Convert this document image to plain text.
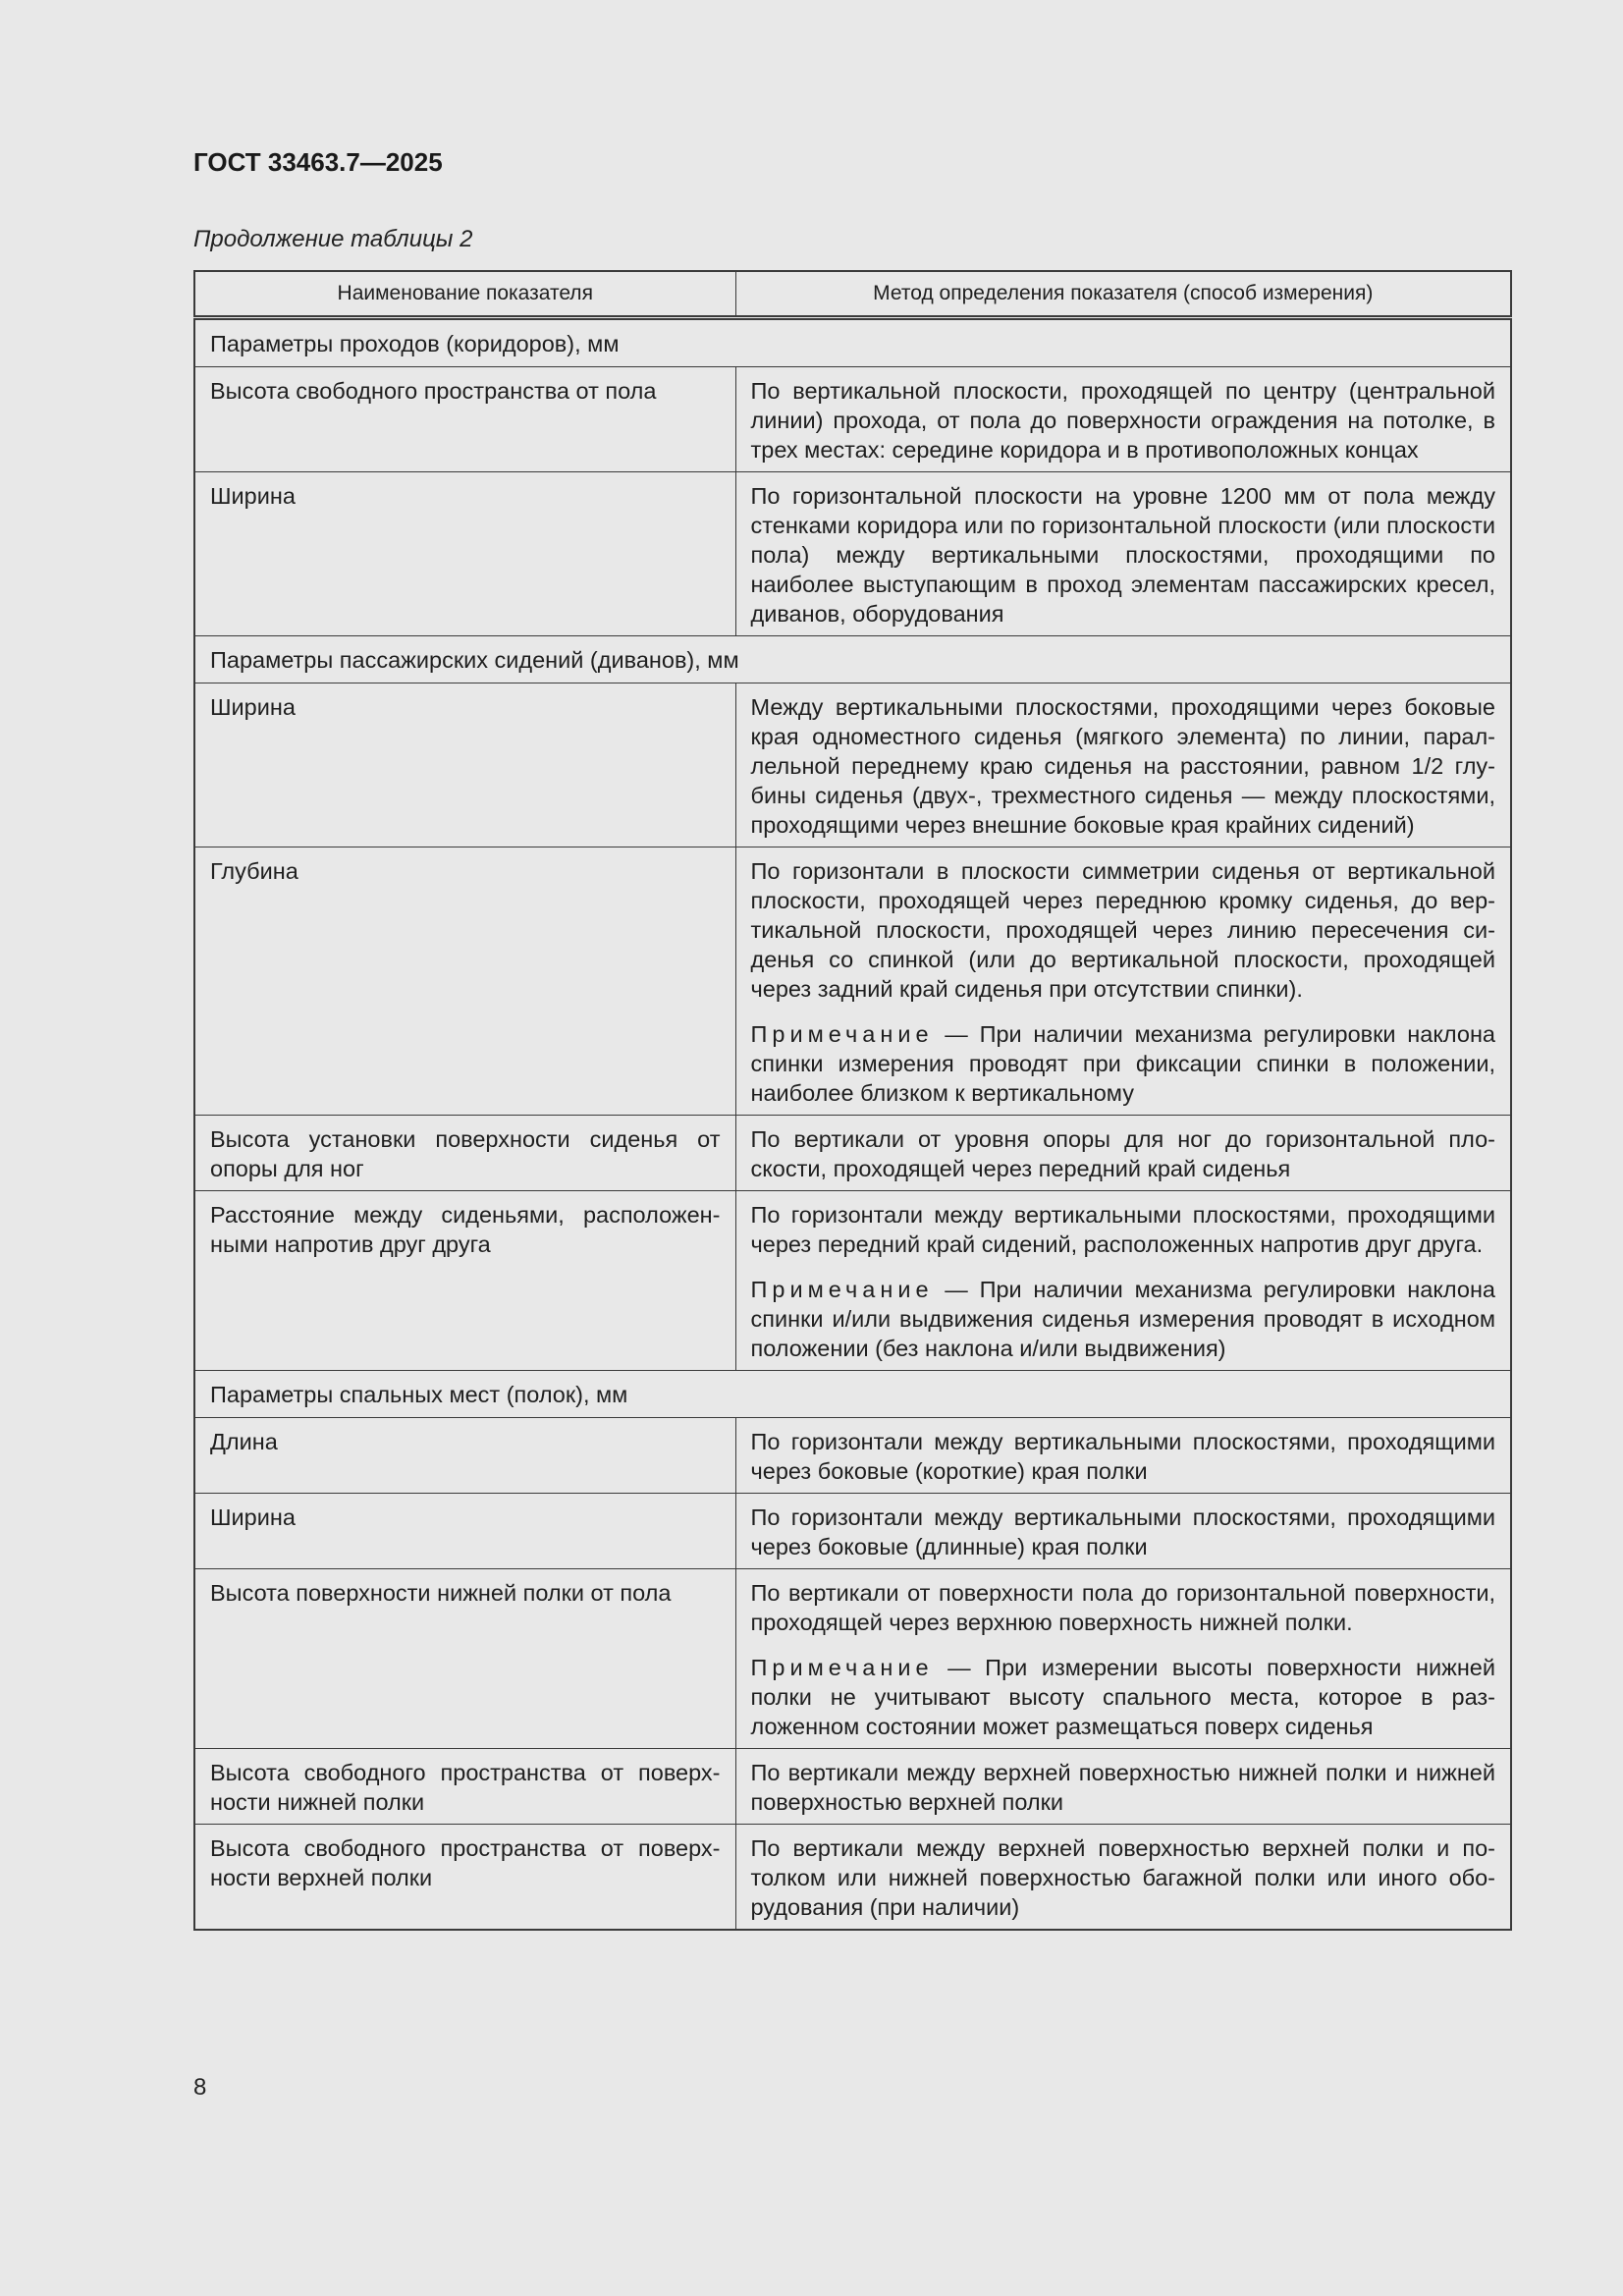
ГОСТ 33463.7—2025
Продолжение таблицы 2
Наименование показателя	Метод определения показателя (способ измерения)
Параметры проходов (коридоров), мм	
Высота свободного пространства от пола	По вертикальной плоскости, проходящей по центру (центральной линии) прохода, от пола до поверхности ограждения на потолке, в трех местах: середине коридора и в противоположных концах

Ширина	По горизонтальной плоскости на уровне 1200 мм от пола между стенками коридора или по горизонтальной плоскости (или плоскости пола) между вертикальными плоскостями, проходящими по наиболее выступающим в проход элементам пассажирских кресел, диванов, оборудования

Параметры пассажирских сидений (диванов), мм	
Ширина	Между вертикальными плоскостями, проходящими через боковые края одноместного сиденья (мягкого элемента) по линии, параллельной переднему краю сиденья на расстоянии, равном 1/2 глубины сиденья (двух-, трехместного сиденья — между плоскостями, проходящими через внешние боковые края крайних сидений)

Глубина	По горизонтали в плоскости симметрии сиденья от вертикальной плоскости, проходящей через переднюю кромку сиденья, до вертикальной плоскости, проходящей через линию пересечения сиденья со спинкой (или до вертикальной плоскости, проходящей через задний край сиденья при отсутствии спинки).

Примечание — При наличии механизма регулировки наклона спинки измерения проводят при фиксации спинки в положении, наиболее близком к вертикальному

Высота установки поверхности сиденья от опоры для ног	По вертикали от уровня опоры для ног до горизонтальной плоскости, проходящей через передний край сиденья

Расстояние между сиденьями, расположенными напротив друг друга	По горизонтали между вертикальными плоскостями, проходящими через передний край сидений, расположенных напротив друг друга.

Примечание — При наличии механизма регулировки наклона спинки и/или выдвижения сиденья измерения проводят в исходном положении (без наклона и/или выдвижения)

Параметры спальных мест (полок), мм	
Длина	По горизонтали между вертикальными плоскостями, проходящими через боковые (короткие) края полки

Ширина	По горизонтали между вертикальными плоскостями, проходящими через боковые (длинные) края полки

Высота поверхности нижней полки от пола	По вертикали от поверхности пола до горизонтальной поверхности, проходящей через верхнюю поверхность нижней полки.

Примечание — При измерении высоты поверхности нижней полки не учитывают высоту спального места, которое в разложенном состоянии может размещаться поверх сиденья

Высота свободного пространства от поверхности нижней полки	По вертикали между верхней поверхностью нижней полки и нижней поверхностью верхней полки

Высота свободного пространства от поверхности верхней полки	По вертикали между верхней поверхностью верхней полки и потолком или нижней поверхностью багажной полки или иного оборудования (при наличии)

8
